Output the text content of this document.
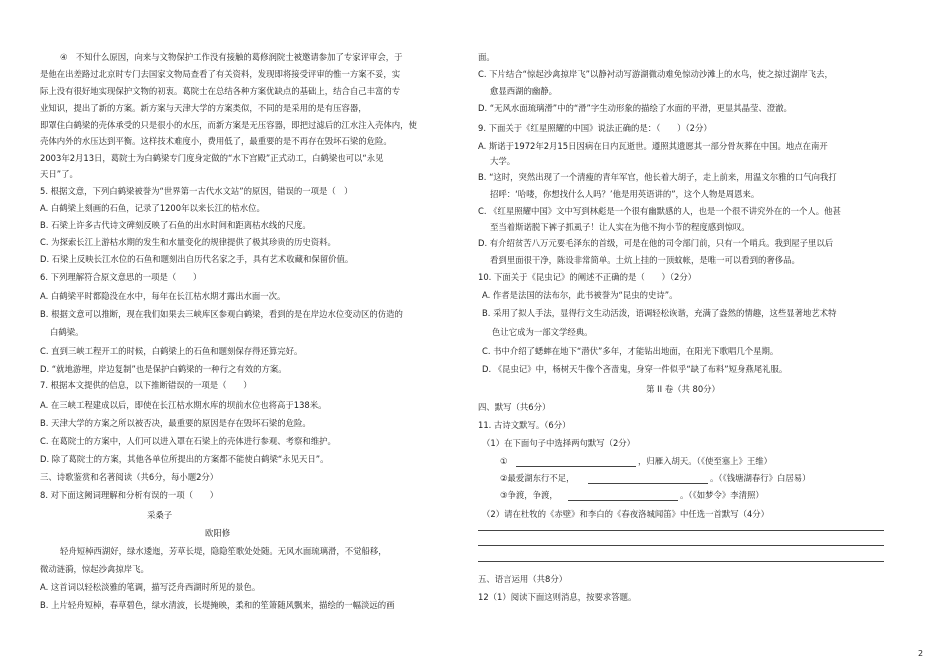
④　不知什么原因，向来与文物保护工作没有接触的葛修润院士被邀请参加了专家评审会，于
是他在出差路过北京时专门去国家文物局查看了有关资料，发现即将接受评审的惟一方案不妥，实
际上没有很好地实现保护文物的初衷。葛院士在总结各种方案优缺点的基础上，结合自己丰富的专
业知识，提出了新的方案。新方案与天津大学的方案类似，不同的是采用的是有压容器，
即罩住白鹤梁的壳体承受的只是很小的水压，而新方案是无压容器，即把过滤后的江水注入壳体内，使
壳体内外的水压达到平衡。这样技术难度小，费用低了，最重要的是不再存在毁坏石梁的危险。
2003年2月13日，葛院士为白鹤梁专门度身定做的“水下宫殿”正式动工，白鹤梁也可以“永见
天日”了。
5. 根据文意，下列白鹤梁被誉为“世界第一古代水文站”的原因，错误的一项是（　）
A. 白鹤梁上刻画的石鱼，记录了1200年以来长江的枯水位。
B. 石梁上许多古代诗文碑刻反映了石鱼的出水时间和距离枯水线的尺度。
C. 为探索长江上游枯水期的发生和水量变化的规律提供了极其珍贵的历史资料。
D. 石梁上反映长江水位的石鱼和题刻出自历代名家之手，具有艺术收藏和保留价值。
6. 下列理解符合原文意思的一项是（　　）
A. 白鹤梁平时都隐没在水中，每年在长江枯水期才露出水面一次。
B. 根据文意可以推断，现在我们如果去三峡库区参观白鹤梁，看到的是在岸边水位变动区的仿造的
白鹤梁。
C. 直到三峡工程开工的时候，白鹤梁上的石鱼和题刻保存得还算完好。
D. “就地游埋，岸边复制”也是保护白鹤梁的一种行之有效的方案。
7. 根据本文提供的信息，以下推断错误的一项是（　　）
A. 在三峡工程建成以后，即使在长江枯水期水库的坝前水位也将高于138米。
B. 天津大学的方案之所以被否决，最重要的原因是存在毁坏石梁的危险。
C. 在葛院士的方案中，人们可以进入罩在石梁上的壳体进行参观、考察和维护。
D. 除了葛院士的方案，其他各单位所提出的方案都不能使白鹤梁“永见天日”。
三、诗歌鉴赏和名著阅读（共6分，每小题2分）
8. 对下面这阙词理解和分析有误的一项（　　）
采桑子
欧阳修
轻舟短棹西湖好，绿水逶迤，芳草长堤，隐隐笙歌处处随。无风水面琉璃滑，不觉船移，
微动涟漪，惊起沙禽掠岸飞。
A. 这首词以轻松淡雅的笔调，描写泛舟西湖时所见的景色。
B. 上片轻舟短棹，春草碧色，绿水清波，长堤掩映，柔和的笙箫随风飘来，描绘的一幅淡远的画
面。
C. 下片结合“惊起沙禽掠岸飞”以静衬动写游湖微动难免惊动沙滩上的水鸟，使之掠过湖岸飞去，
愈显西湖的幽静。
D. “无风水面琉璃滑”中的“滑”字生动形象的描绘了水面的平滑，更显其晶莹、澄澈。
9. 下面关于《红星照耀的中国》说法正确的是：（　　）（2分）
A. 斯诺于1972年2月15日因病在日内瓦逝世。遵照其遗愿其一部分骨灰葬在中国。地点在南开
大学。
B. “这时，突然出现了一个清瘦的青年军官，他长着大胡子，走上前来，用温文尔雅的口气向我打
招呼：‘哈喽，你想找什么人吗？’他是用英语讲的”，这个人物是周恩来。
C. 《红星照耀中国》文中写到林彪是一个很有幽默感的人，也是一个很不讲究外在的一个人。他甚
至当着斯诺脱下裤子抓虱子！让人实在为他不拘小节的程度感到惊叹。
D. 有介绍贫苦八万元要毛泽东的首级，可是在他的司令部门前，只有一个哨兵。我到屋子里以后
看到里面很干净，陈设非常简单。土炕上挂的一顶蚊帐，是唯一可以看到的奢侈品。
10. 下面关于《昆虫记》的阐述不正确的是（　　）（2分）
A. 作者是法国的法布尔，此书被誉为“昆虫的史诗”。
B. 采用了拟人手法，显得行文生动活泼，语调轻松诙谐，充满了盎然的情趣，这些显著地艺术特
色让它成为一部文学经典。
C. 书中介绍了蟋蟀在地下“潜伏”多年，才能钻出地面，在阳光下歌唱几个星期。
D. 《昆虫记》中，杨树天牛像个吝啬鬼，身穿一件似乎“缺了布料”短身燕尾礼服。
第 II 卷（共 80分）
四、默写（共6分）
11. 古诗文默写。（6分）
（1）在下面句子中选择两句默写（2分）
①	，归雁入胡天。（《使至塞上》王维）
②最爱湖东行不足，	。（《钱塘湖春行》白居易）
③争渡，争渡，	。（《如梦令》李清照）
（2）请在杜牧的《赤壁》和李白的《春夜洛城闻笛》中任选一首默写（4分）
五、语言运用（共8分）
12（1）阅读下面这则消息，按要求答题。
2
